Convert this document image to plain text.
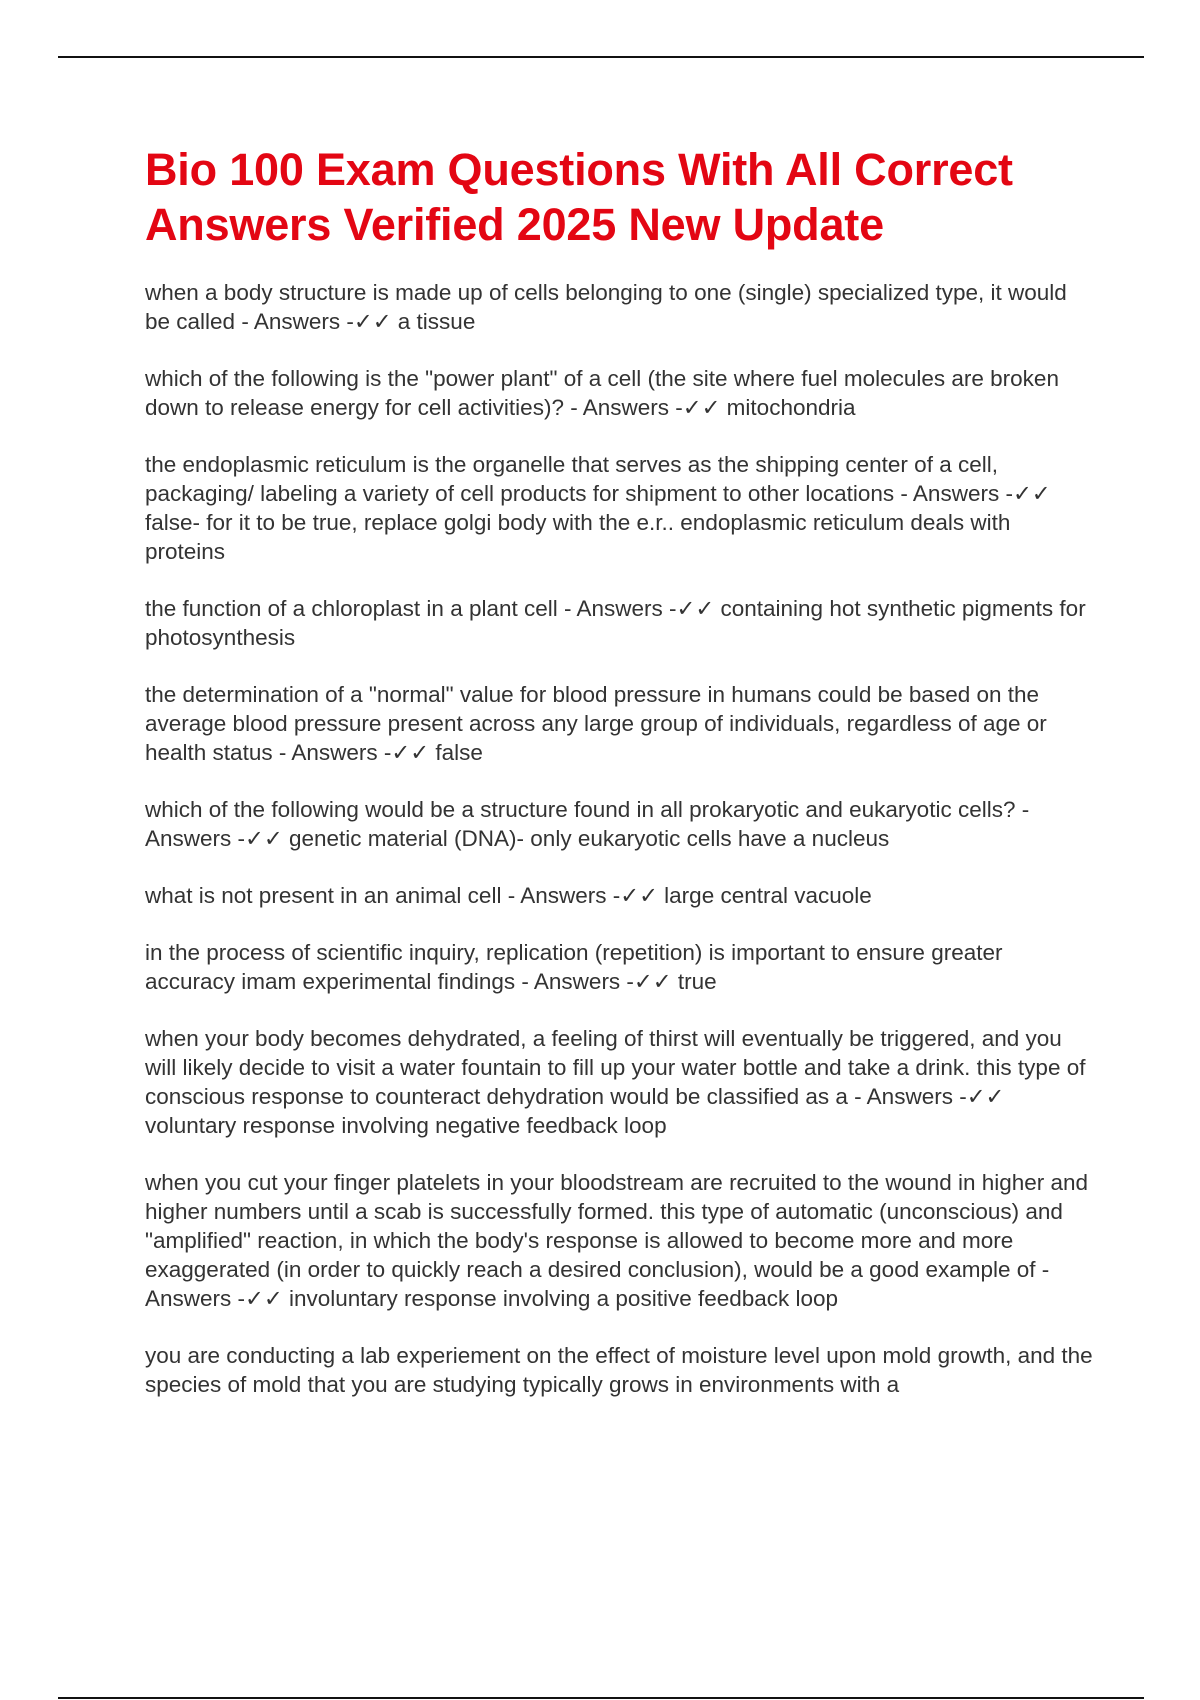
Bio 100 Exam Questions With All Correct Answers Verified 2025 New Update
when a body structure is made up of cells belonging to one (single) specialized type, it would be called - Answers -✓✓ a tissue
which of the following is the "power plant" of a cell (the site where fuel molecules are broken down to release energy for cell activities)? - Answers -✓✓ mitochondria
the endoplasmic reticulum is the organelle that serves as the shipping center of a cell, packaging/ labeling a variety of cell products for shipment to other locations - Answers -✓✓ false- for it to be true, replace golgi body with the e.r.. endoplasmic reticulum deals with proteins
the function of a chloroplast in a plant cell - Answers -✓✓ containing hot synthetic pigments for photosynthesis
the determination of a "normal" value for blood pressure in humans could be based on the average blood pressure present across any large group of individuals, regardless of age or health status - Answers -✓✓ false
which of the following would be a structure found in all prokaryotic and eukaryotic cells? - Answers -✓✓ genetic material (DNA)- only eukaryotic cells have a nucleus
what is not present in an animal cell - Answers -✓✓ large central vacuole
in the process of scientific inquiry, replication (repetition) is important to ensure greater accuracy imam experimental findings - Answers -✓✓ true
when your body becomes dehydrated, a feeling of thirst will eventually be triggered, and you will likely decide to visit a water fountain to fill up your water bottle and take a drink. this type of conscious response to counteract dehydration would be classified as a - Answers -✓✓ voluntary response involving negative feedback loop
when you cut your finger platelets in your bloodstream are recruited to the wound in higher and higher numbers until a scab is successfully formed. this type of automatic (unconscious) and "amplified" reaction, in which the body's response is allowed to become more and more exaggerated (in order to quickly reach a desired conclusion), would be a good example of - Answers -✓✓ involuntary response involving a positive feedback loop
you are conducting a lab experiement on the effect of moisture level upon mold growth, and the species of mold that you are studying typically grows in environments with a
